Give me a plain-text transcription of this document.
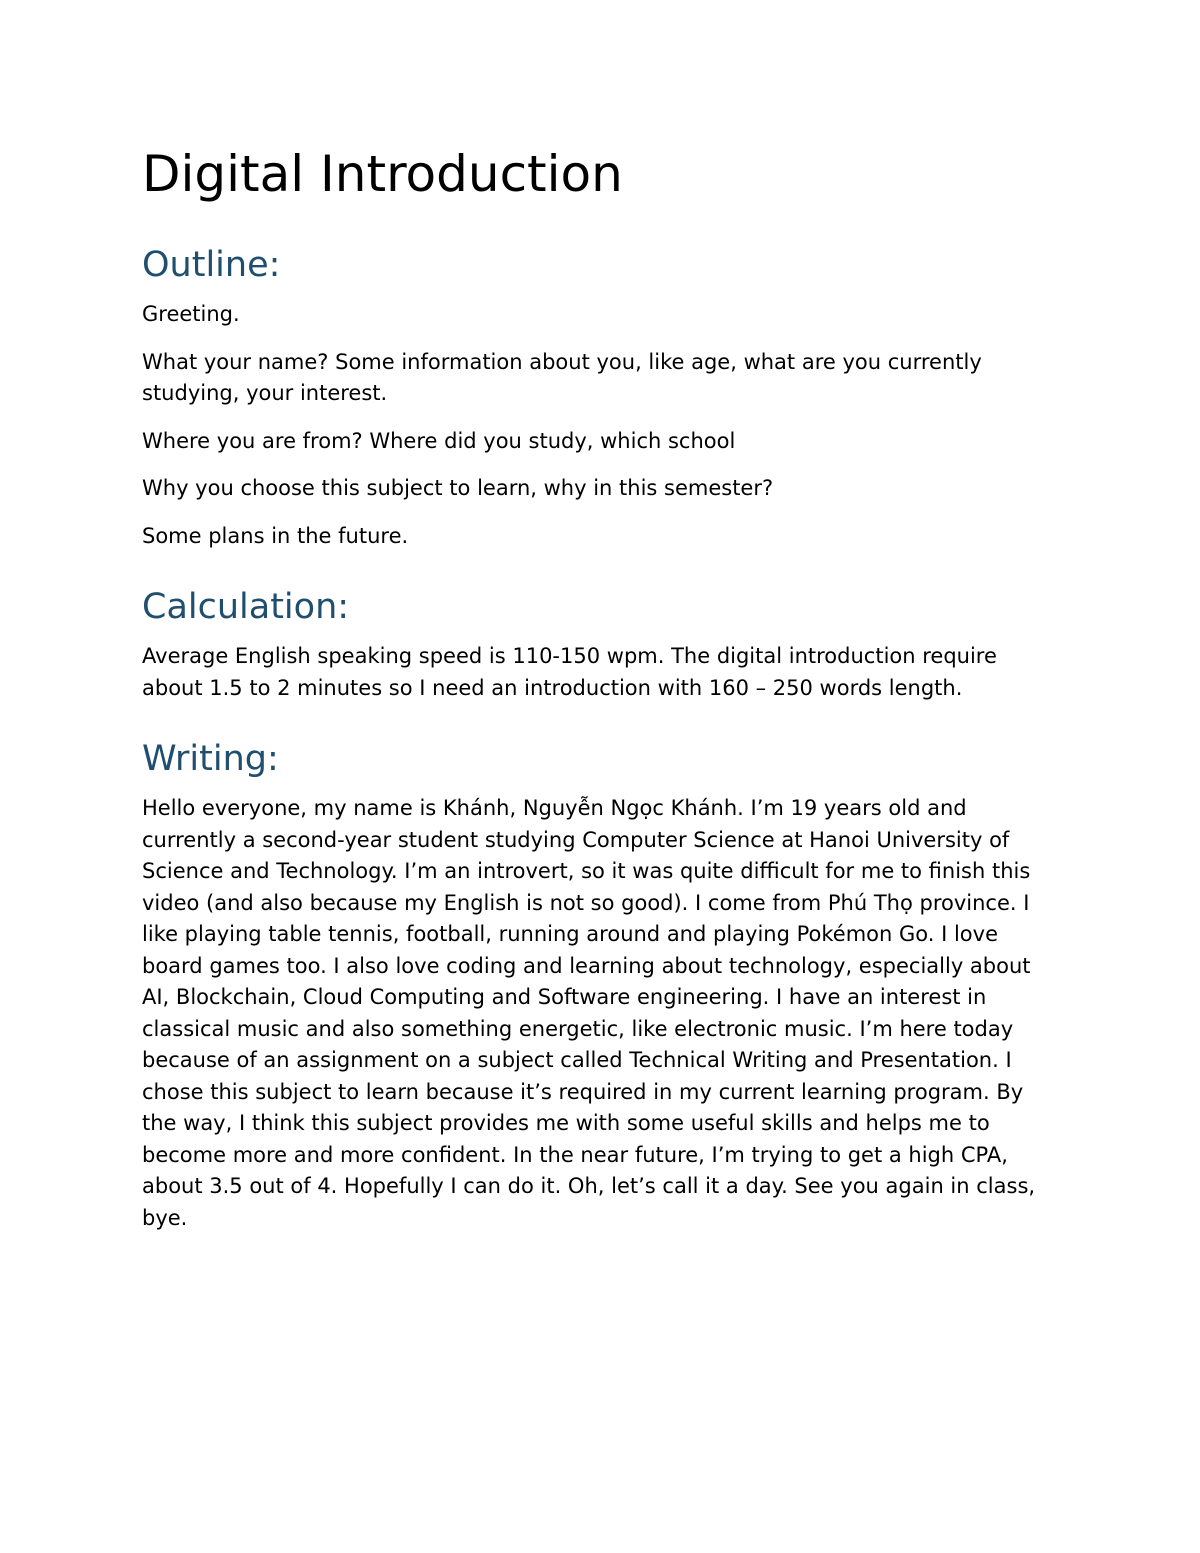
Digital Introduction
Outline:

Greeting.

What your name? Some information about you, like age, what are you currently studying, your interest.

Where you are from? Where did you study, which school

Why you choose this subject to learn, why in this semester?

Some plans in the future.

Calculation:

Average English speaking speed is 110-150 wpm. The digital introduction require about 1.5 to 2 minutes so I need an introduction with 160 – 250 words length.

Writing:

Hello everyone, my name is Khánh, Nguyễn Ngọc Khánh. I’m 19 years old and currently a second-year student studying Computer Science at Hanoi University of Science and Technology. I’m an introvert, so it was quite difficult for me to finish this video (and also because my English is not so good). I come from Phú Thọ province. I like playing table tennis, football, running around and playing Pokémon Go. I love board games too. I also love coding and learning about technology, especially about AI, Blockchain, Cloud Computing and Software engineering. I have an interest in classical music and also something energetic, like electronic music. I’m here today because of an assignment on a subject called Technical Writing and Presentation. I chose this subject to learn because it’s required in my current learning program. By the way, I think this subject provides me with some useful skills and helps me to become more and more confident. In the near future, I’m trying to get a high CPA, about 3.5 out of 4. Hopefully I can do it. Oh, let’s call it a day. See you again in class, bye.
